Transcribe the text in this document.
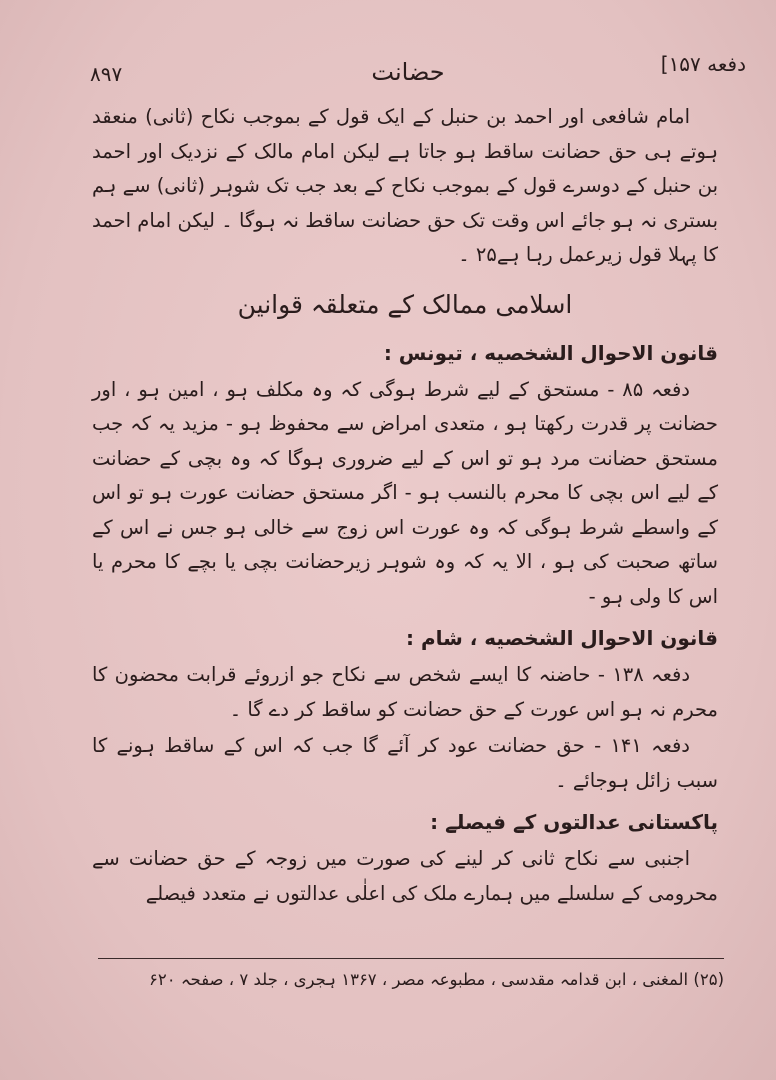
۸۹۷	حضانت	دفعه ۱۵۷]

امام شافعی اور احمد بن حنبل کے ایک قول کے بموجب نکاح (ثانی) منعقد ہوتے ہی حق حضانت ساقط ہو جاتا ہے لیکن امام مالک کے نزدیک اور احمد بن حنبل کے دوسرے قول کے بموجب نکاح کے بعد جب تک شوہر (ثانی) سے ہم بستری نہ ہو جائے اس وقت تک حق حضانت ساقط نہ ہوگا ۔ لیکن امام احمد کا پہلا قول زیرعمل رہا ہے۲۵ ۔

اسلامی ممالک کے متعلقہ قوانین
قانون الاحوال الشخصیه ، تیونس :

دفعہ ۸۵ - مستحق کے لیے شرط ہوگی کہ وہ مکلف ہو ، امین ہو ، اور حضانت پر قدرت رکھتا ہو ، متعدی امراض سے محفوظ ہو - مزید یہ کہ جب مستحق حضانت مرد ہو تو اس کے لیے ضروری ہوگا کہ وہ بچی کے حضانت کے لیے اس بچی کا محرم بالنسب ہو - اگر مستحق حضانت عورت ہو تو اس کے واسطے شرط ہوگی کہ وہ عورت اس زوج سے خالی ہو جس نے اس کے ساتھ صحبت کی ہو ، الا یہ کہ وہ شوہر زیرحضانت بچی یا بچے کا محرم یا اس کا ولی ہو -

قانون الاحوال الشخصیه ، شام :

دفعہ ۱۳۸ - حاضنہ کا ایسے شخص سے نکاح جو ازروئے قرابت محضون کا محرم نہ ہو اس عورت کے حق حضانت کو ساقط کر دے گا ۔

دفعہ ۱۴۱ - حق حضانت عود کر آئے گا جب کہ اس کے ساقط ہونے کا سبب زائل ہوجائے ۔

پاکستانی عدالتوں کے فیصلے :

اجنبی سے نکاح ثانی کر لینے کی صورت میں زوجہ کے حق حضانت سے محرومی کے سلسلے میں ہمارے ملک کی اعلٰی عدالتوں نے متعدد فیصلے

(۲۵) المغنی ، ابن قدامہ مقدسی ، مطبوعہ مصر ، ۱۳۶۷ ہجری ، جلد ۷ ، صفحہ ۶۲۰
